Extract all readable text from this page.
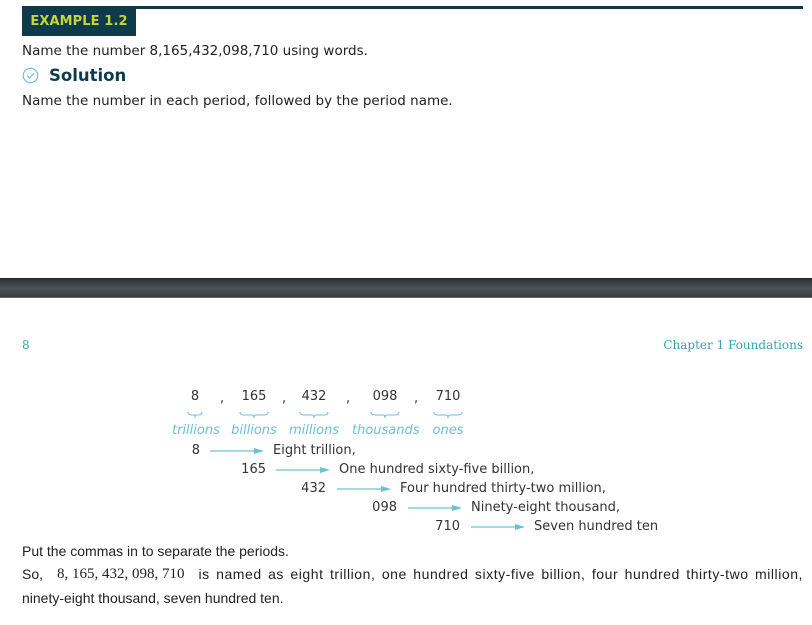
EXAMPLE 1.2
Name the number 8,165,432,098,710 using words.
Solution
Name the number in each period, followed by the period name.
8	Chapter 1 Foundations
8
trillions
,	165
billions
,	432
millions
,	098
thousands
,	710
ones
8	Eight trillion,
165	One hundred sixty-five billion,
432	Four hundred thirty-two million,
098	Ninety-eight thousand,
710	Seven hundred ten
Put the commas in to separate the periods.
So, 8, 165, 432, 098, 710 is named as eight trillion, one hundred sixty-five billion, four hundred thirty-two million,
ninety-eight thousand, seven hundred ten.
